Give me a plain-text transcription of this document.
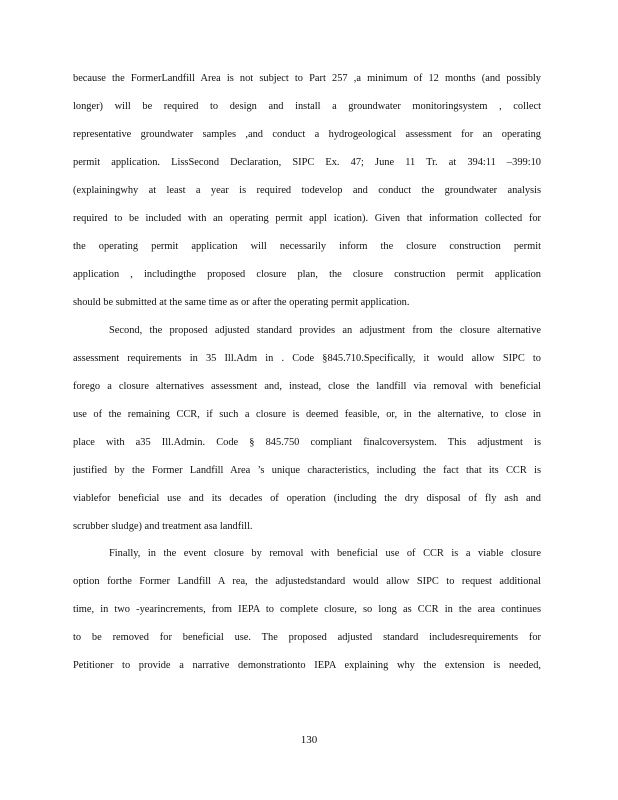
because the FormerLandfill Area is not subject to Part 257 ,a minimum of 12 months (and possibly
longer) will be required to design and install a groundwater monitoringsystem , collect
representative groundwater samples ,and conduct a hydrogeological assessment for an operating
permit application. LissSecond Declaration, SIPC Ex. 47; June 11 Tr. at 394:11 –399:10
(explainingwhy at least a year is required todevelop and conduct the groundwater analysis
required to be included with an operating permit appl ication). Given that information collected for
the operating permit application will necessarily inform the closure construction permit
application , includingthe proposed closure plan, the closure construction permit application
should be submitted at the same time as or after the operating permit application.
Second, the proposed adjusted standard provides an adjustment from the closure alternative
assessment requirements in 35 Ill.Adm in . Code §845.710.Specifically, it would allow SIPC to
forego a closure alternatives assessment and, instead, close the landfill via removal with beneficial
use of the remaining CCR, if such a closure is deemed feasible, or, in the alternative, to close in
place with a35 Ill.Admin. Code § 845.750 compliant finalcoversystem. This adjustment is
justified by the Former Landfill Area ’s unique characteristics, including the fact that its CCR is
viablefor beneficial use and its decades of operation (including the dry disposal of fly ash and
scrubber sludge) and treatment asa landfill.
Finally, in the event closure by removal with beneficial use of CCR is a viable closure
option forthe Former Landfill A rea, the adjustedstandard would allow SIPC to request additional
time, in two -yearincrements, from IEPA to complete closure, so long as CCR in the area continues
to be removed for beneficial use. The proposed adjusted standard includesrequirements for
Petitioner to provide a narrative demonstrationto IEPA explaining why the extension is needed,
130
